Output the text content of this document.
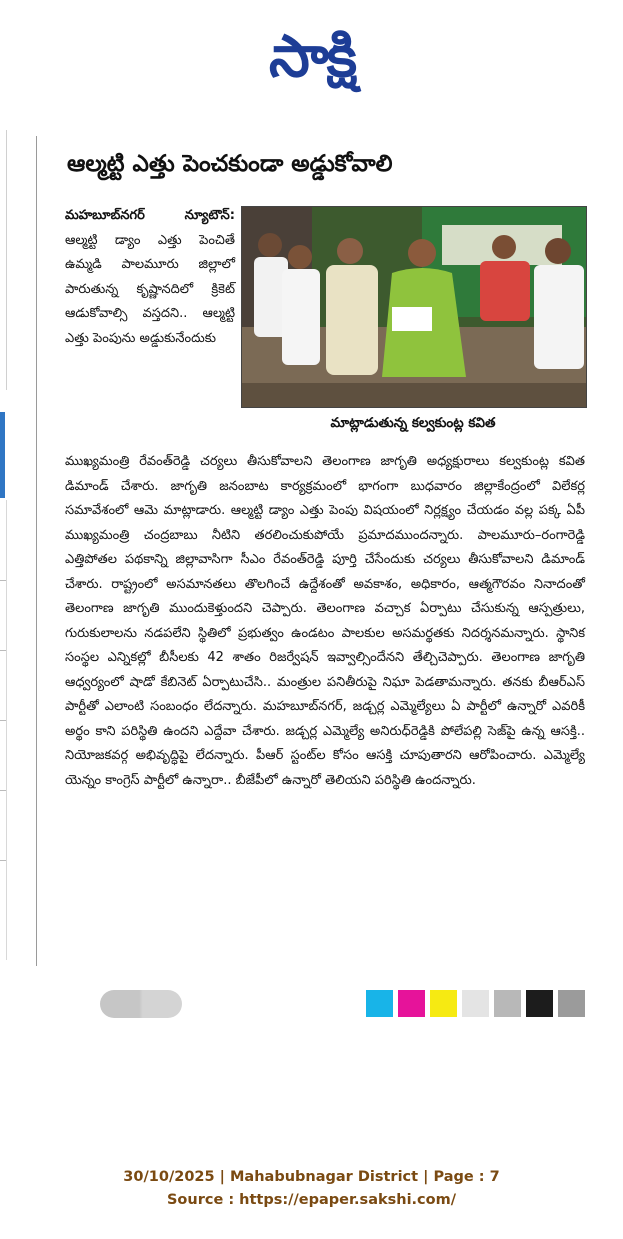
సాక్షి
ఆల్మట్టి ఎత్తు పెంచకుండా అడ్డుకోవాలి
మహబూబ్‌నగర్ న్యూటౌన్: ఆల్మట్టి డ్యాం ఎత్తు పెంచితే ఉమ్మడి పాలమూరు జిల్లాలో పారుతున్న కృష్ణానదిలో క్రికెట్ ఆడుకోవాల్సి వస్తదని.. ఆల్మట్టి ఎత్తు పెంపును అడ్డుకునేందుకు
మాట్లాడుతున్న కల్వకుంట్ల కవిత
ముఖ్యమంత్రి రేవంత్‌రెడ్డి చర్యలు తీసుకోవాలని తెలంగాణ జాగృతి అధ్యక్షురాలు కల్వకుంట్ల కవిత డిమాండ్ చేశారు. జాగృతి జనంబాట కార్యక్రమంలో భాగంగా బుధవారం జిల్లాకేంద్రంలో విలేకర్ల సమావేశంలో ఆమె మాట్లాడారు. ఆల్మట్టి డ్యాం ఎత్తు పెంపు విషయంలో నిర్లక్ష్యం చేయడం వల్ల పక్క ఏపీ ముఖ్యమంత్రి చంద్రబాబు నీటిని తరలించుకుపోయే ప్రమాదముందన్నారు. పాలమూరు–రంగారెడ్డి ఎత్తిపోతల పథకాన్ని జిల్లావాసిగా సీఎం రేవంత్‌రెడ్డి పూర్తి చేసేందుకు చర్యలు తీసుకోవాలని డిమాండ్ చేశారు. రాష్ట్రంలో అసమానతలు తొలగించే ఉద్దేశంతో అవకాశం, అధికారం, ఆత్మగౌరవం నినాదంతో తెలంగాణ జాగృతి ముందుకెళ్తుందని చెప్పారు. తెలంగాణ వచ్చాక ఏర్పాటు చేసుకున్న ఆస్పత్రులు, గురుకులాలను నడపలేని స్థితిలో ప్రభుత్వం ఉండటం పాలకుల అసమర్థతకు నిదర్శనమన్నారు. స్థానిక సంస్థల ఎన్నికల్లో బీసీలకు 42 శాతం రిజర్వేషన్ ఇవ్వాల్సిందేనని తేల్చిచెప్పారు. తెలంగాణ జాగృతి ఆధ్వర్యంలో షాడో కేబినెట్ ఏర్పాటుచేసి.. మంత్రుల పనితీరుపై నిఘా పెడతామన్నారు. తనకు బీఆర్ఎస్ పార్టీతో ఎలాంటి సంబంధం లేదన్నారు. మహబూబ్‌నగర్, జడ్చర్ల ఎమ్మెల్యేలు ఏ పార్టీలో ఉన్నారో ఎవరికీ అర్థం కాని పరిస్థితి ఉందని ఎద్దేవా చేశారు. జడ్చర్ల ఎమ్మెల్యే అనిరుధ్‌రెడ్డికి పోలేపల్లి సెజ్‌పై ఉన్న ఆసక్తి.. నియోజకవర్గ అభివృద్ధిపై లేదన్నారు. పీఆర్ స్టంట్‌ల కోసం ఆసక్తి చూపుతారని ఆరోపించారు. ఎమ్మెల్యే యెన్నం కాంగ్రెస్ పార్టీలో ఉన్నారా.. బీజేపీలో ఉన్నారో తెలియని పరిస్థితి ఉందన్నారు.
30/10/2025 | Mahabubnagar District | Page : 7
Source : https://epaper.sakshi.com/
